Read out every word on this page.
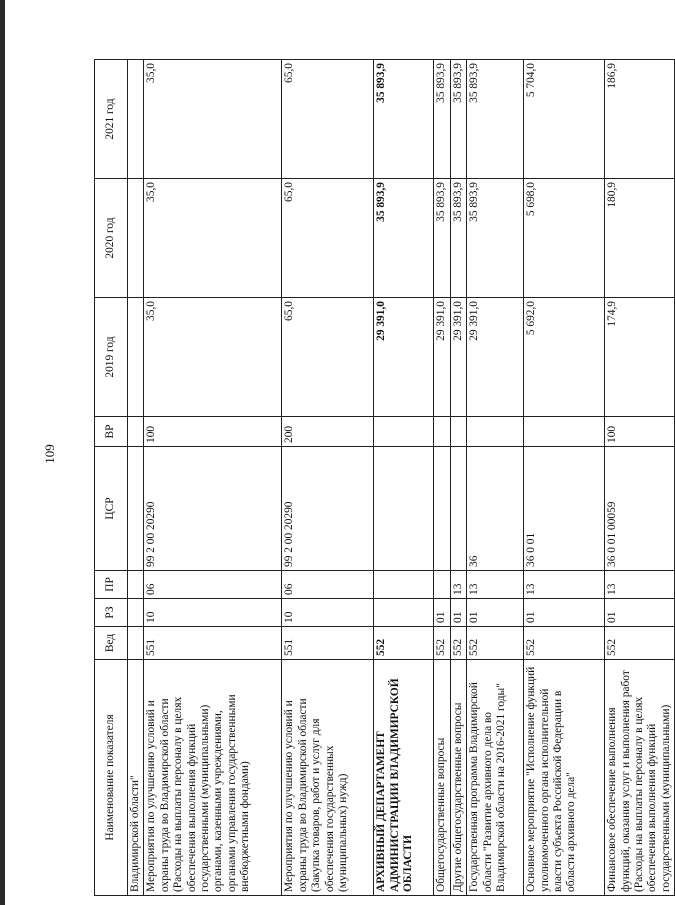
109
Наименование показателя	Вед	РЗ	ПР	ЦСР	ВР	2019 год	2020 год	2021 год
Владимирской области"								
Мероприятия по улучшению условий и охраны труда во Владимирской области (Расходы на выплаты персоналу в целях обеспечения выполнения функций государственными (муниципальными) органами, казенными учреждениями, органами управления государственными внебюджетными фондами)	551	10	06	99 2 00 20290	100	35,0	35,0	35,0
Мероприятия по улучшению условий и охраны труда во Владимирской области (Закупка товаров, работ и услуг для обеспечения государственных (муниципальных) нужд)	551	10	06	99 2 00 20290	200	65,0	65,0	65,0
АРХИВНЫЙ ДЕПАРТАМЕНТ АДМИНИСТРАЦИИ ВЛАДИМИРСКОЙ ОБЛАСТИ	552					29 391,0	35 893,9	35 893,9
Общегосударственные вопросы	552	01				29 391,0	35 893,9	35 893,9
Другие общегосударственные вопросы	552	01	13			29 391,0	35 893,9	35 893,9
Государственная программа Владимирской области "Развитие архивного дела во Владимирской области на 2016-2021 годы"	552	01	13	36		29 391,0	35 893,9	35 893,9
Основное мероприятие "Исполнение функций уполномоченного органа исполнительной власти субъекта Российской Федерации в области архивного дела"	552	01	13	36 0 01		5 692,0	5 698,0	5 704,0
Финансовое обеспечение выполнения функций, оказания услуг и выполнения работ (Расходы на выплаты персоналу в целях обеспечения выполнения функций государственными (муниципальными)	552	01	13	36 0 01 00059	100	174,9	180,9	186,9
